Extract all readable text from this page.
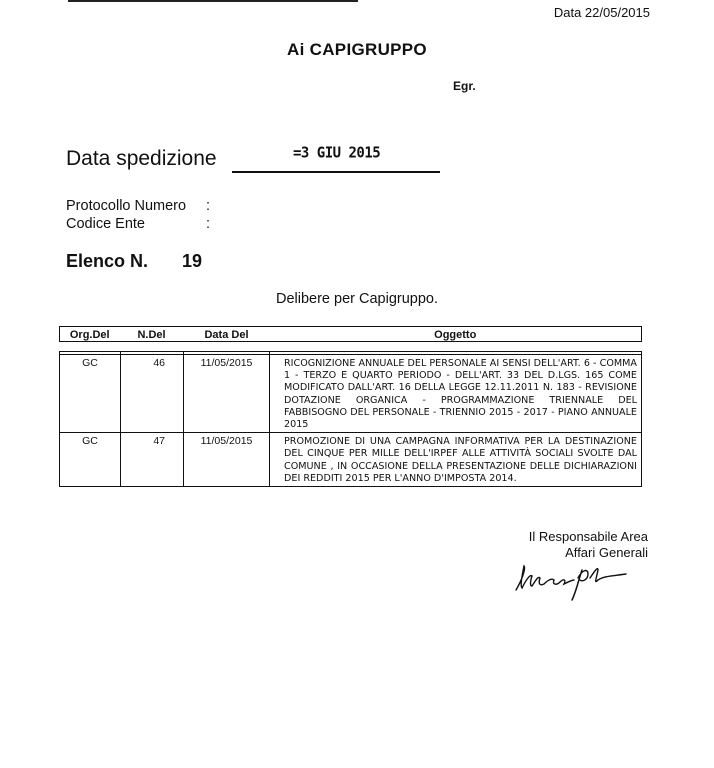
Data 22/05/2015
Ai CAPIGRUPPO
Egr.
Data spedizione	=3 GIU 2015
Protocollo Numero	:
Codice Ente	:
Elenco N. 19
Delibere per Capigruppo.
Org.Del	N.Del	Data Del	Oggetto

GC	46	11/05/2015	RICOGNIZIONE ANNUALE DEL PERSONALE AI SENSI DELL'ART. 6 - COMMA 1 - TERZO E QUARTO PERIODO - DELL'ART. 33 DEL D.LGS. 165 COME MODIFICATO DALL'ART. 16 DELLA LEGGE 12.11.2011 N. 183 - REVISIONE DOTAZIONE ORGANICA - PROGRAMMAZIONE TRIENNALE DEL FABBISOGNO DEL PERSONALE - TRIENNIO 2015 - 2017 - PIANO ANNUALE 2015
GC	47	11/05/2015	PROMOZIONE DI UNA CAMPAGNA INFORMATIVA PER LA DESTINAZIONE DEL CINQUE PER MILLE DELL'IRPEF ALLE ATTIVITÀ SOCIALI SVOLTE DAL COMUNE , IN OCCASIONE DELLA PRESENTAZIONE DELLE DICHIARAZIONI DEI REDDITI 2015 PER L'ANNO D'IMPOSTA 2014.
Il Responsabile Area
Affari Generali
